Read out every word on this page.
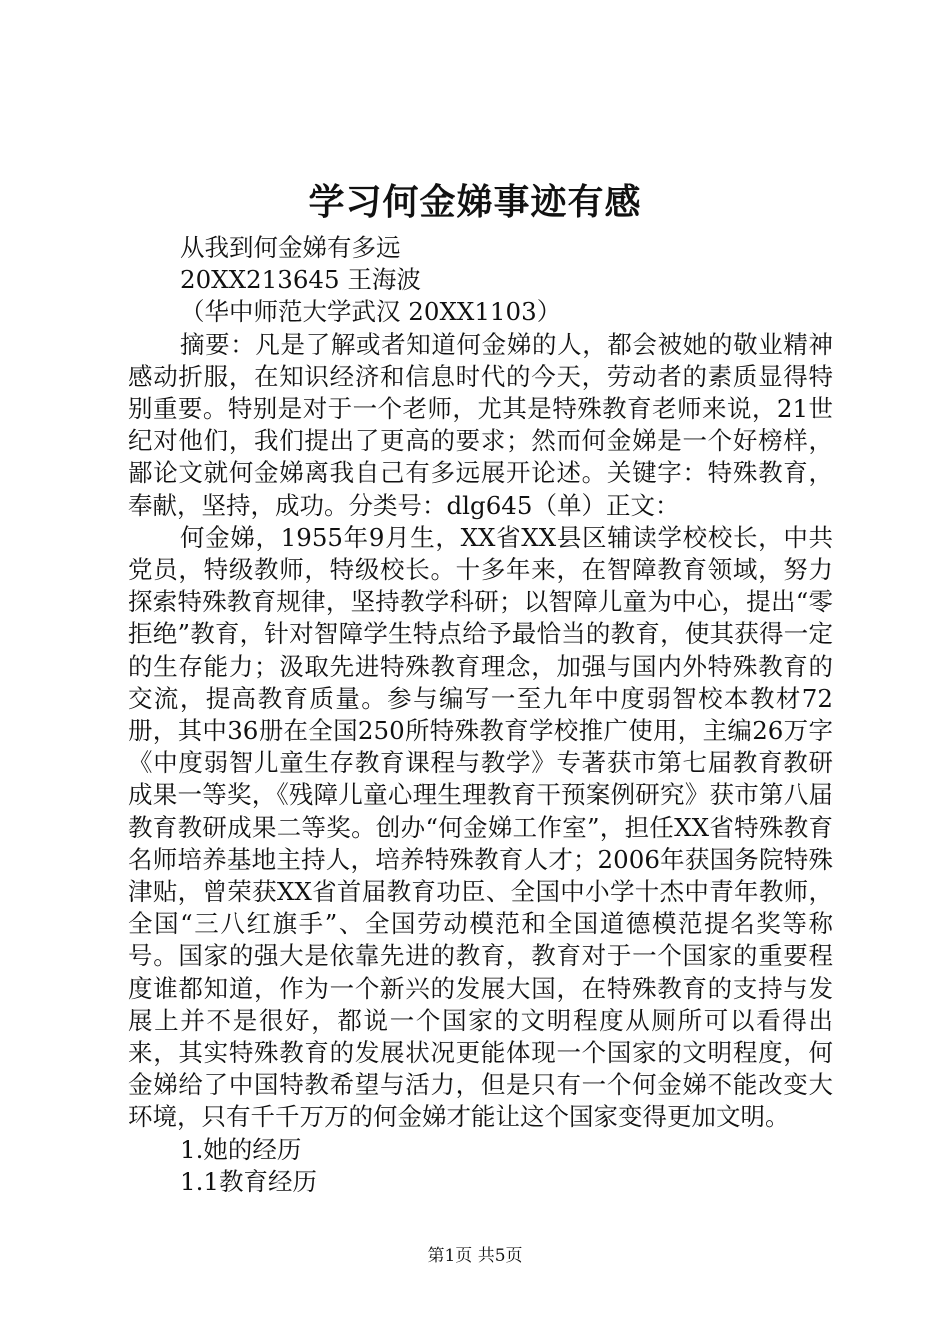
学习何金娣事迹有感
从我到何金娣有多远
20XX213645 王海波
（华中师范大学武汉 20XX1103）

摘要：凡是了解或者知道何金娣的人，都会被她的敬业精神感动折服，在知识经济和信息时代的今天，劳动者的素质显得特别重要。特别是对于一个老师，尤其是特殊教育老师来说，21世纪对他们，我们提出了更高的要求；然而何金娣是一个好榜样，鄙论文就何金娣离我自己有多远展开论述。关键字：特殊教育，奉献，坚持，成功。分类号：dlg645（单）正文：

何金娣，1955年9月生，XX省XX县区辅读学校校长，中共党员，特级教师，特级校长。十多年来，在智障教育领域，努力探索特殊教育规律，坚持教学科研；以智障儿童为中心，提出“零拒绝”教育，针对智障学生特点给予最恰当的教育，使其获得一定的生存能力；汲取先进特殊教育理念，加强与国内外特殊教育的交流，提高教育质量。参与编写一至九年中度弱智校本教材72册，其中36册在全国250所特殊教育学校推广使用，主编26万字《中度弱智儿童生存教育课程与教学》专著获市第七届教育教研成果一等奖，《残障儿童心理生理教育干预案例研究》获市第八届教育教研成果二等奖。创办“何金娣工作室”，担任XX省特殊教育名师培养基地主持人，培养特殊教育人才；2006年获国务院特殊津贴，曾荣获XX省首届教育功臣、全国中小学十杰中青年教师，全国“三八红旗手”、全国劳动模范和全国道德模范提名奖等称号。国家的强大是依靠先进的教育，教育对于一个国家的重要程度谁都知道，作为一个新兴的发展大国，在特殊教育的支持与发展上并不是很好，都说一个国家的文明程度从厕所可以看得出来，其实特殊教育的发展状况更能体现一个国家的文明程度，何金娣给了中国特教希望与活力，但是只有一个何金娣不能改变大环境，只有千千万万的何金娣才能让这个国家变得更加文明。

1.她的经历
1.1教育经历
第1页 共5页
